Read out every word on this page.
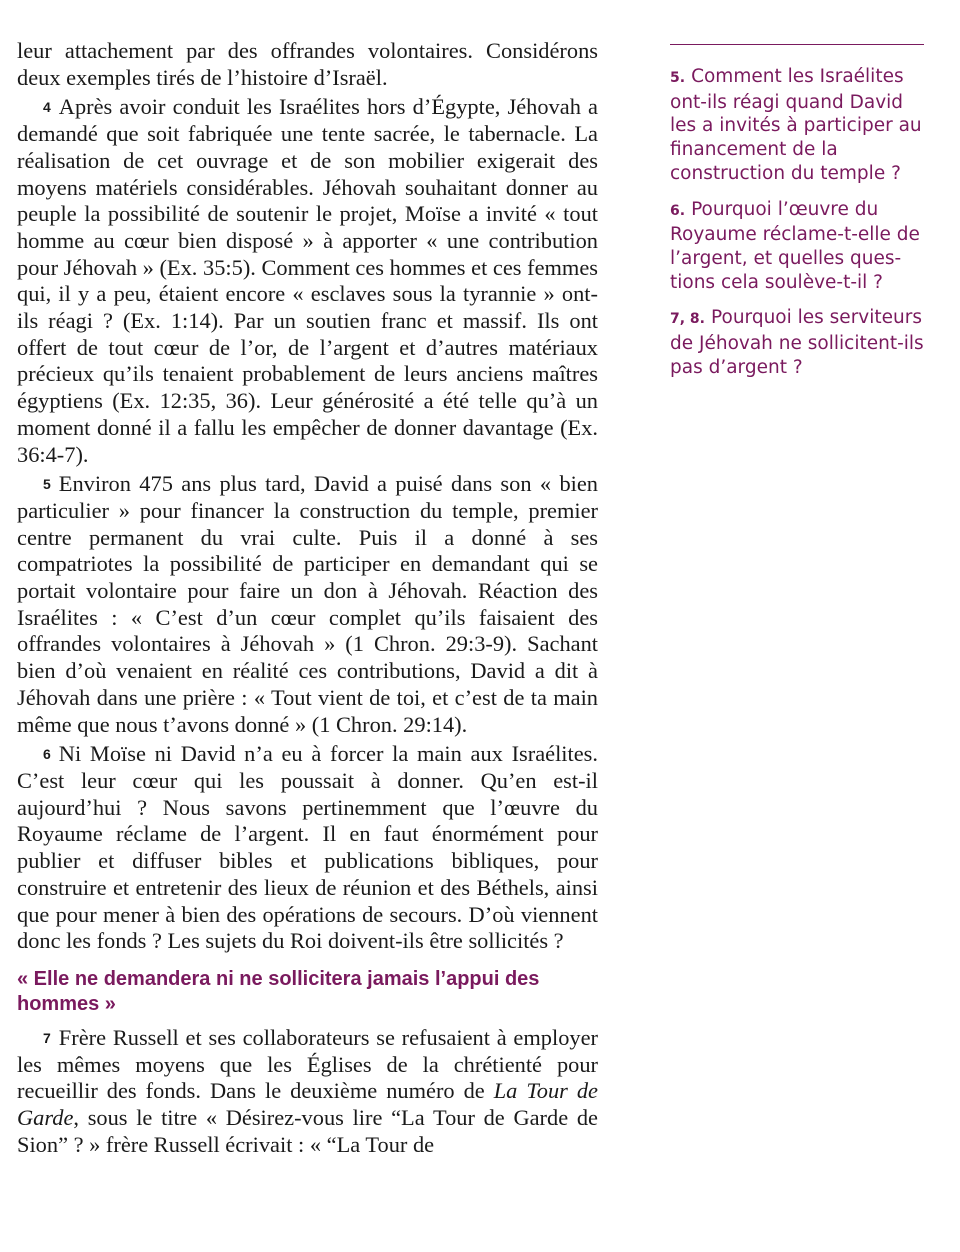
leur attachement par des offrandes volontaires. Considérons deux exemples tirés de l’histoire d’Israël.

4 Après avoir conduit les Israélites hors d’Égypte, Jéhovah a demandé que soit fabriquée une tente sacrée, le tabernacle. La réalisation de cet ouvrage et de son mobilier exigerait des moyens matériels considérables. Jéhovah souhaitant donner au peuple la possibilité de soutenir le projet, Moïse a invité « tout homme au cœur bien disposé » à apporter « une contribution pour Jéhovah » (Ex. 35:5). Comment ces hommes et ces femmes qui, il y a peu, étaient encore « esclaves sous la tyrannie » ont-ils réagi ? (Ex. 1:14). Par un soutien franc et massif. Ils ont offert de tout cœur de l’or, de l’argent et d’autres matériaux précieux qu’ils tenaient probablement de leurs anciens maîtres égyptiens (Ex. 12:35, 36). Leur générosité a été telle qu’à un moment donné il a fallu les empêcher de donner davantage (Ex. 36:4-7).

5 Environ 475 ans plus tard, David a puisé dans son « bien particulier » pour financer la construction du temple, premier centre permanent du vrai culte. Puis il a donné à ses compatriotes la possibilité de participer en demandant qui se portait volontaire pour faire un don à Jéhovah. Réaction des Israélites : « C’est d’un cœur complet qu’ils faisaient des offrandes volontaires à Jéhovah » (1 Chron. 29:3-9). Sachant bien d’où venaient en réalité ces contributions, David a dit à Jéhovah dans une prière : « Tout vient de toi, et c’est de ta main même que nous t’avons donné » (1 Chron. 29:14).

6 Ni Moïse ni David n’a eu à forcer la main aux Israélites. C’est leur cœur qui les poussait à donner. Qu’en est-il aujourd’hui ? Nous savons pertinemment que l’œuvre du Royaume réclame de l’argent. Il en faut énormément pour publier et diffuser bibles et publications bibliques, pour construire et entretenir des lieux de réunion et des Béthels, ainsi que pour mener à bien des opérations de secours. D’où viennent donc les fonds ? Les sujets du Roi doivent-ils être sollicités ?

« Elle ne demandera ni ne sollicitera jamais l’appui des hommes »

7 Frère Russell et ses collaborateurs se refusaient à employer les mêmes moyens que les Églises de la chrétienté pour recueillir des fonds. Dans le deuxième numéro de La Tour de Garde, sous le titre « Désirez-vous lire “La Tour de Garde de Sion” ? » frère Russell écrivait : « “La Tour de

5. Comment les Israélites ont-ils réagi quand David les a invités à participer au financement de la construction du temple ?
6. Pourquoi l’œuvre du Royaume réclame-t-elle de l’argent, et quelles questions cela soulève-t-il ?
7, 8. Pourquoi les serviteurs de Jéhovah ne sollicitent-ils pas d’argent ?
